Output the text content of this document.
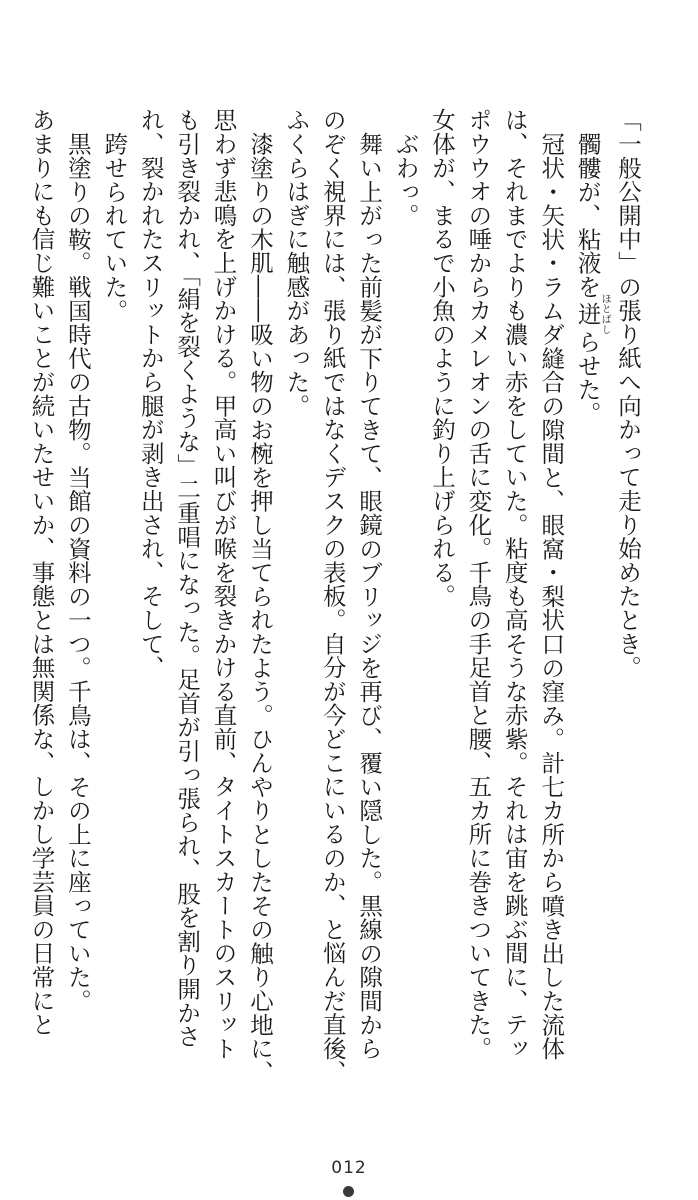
「一般公開中」の張り紙へ向かって走り始めたとき。
髑髏が、粘液を迸ほとばしらせた。
冠状・矢状・ラムダ縫合の隙間と、眼窩・梨状口の窪み。計七カ所から噴き出した流体
は、それまでよりも濃い赤をしていた。粘度も高そうな赤紫。それは宙を跳ぶ間に、テッ
ポウウオの唾からカメレオンの舌に変化。千鳥の手足首と腰、五カ所に巻きついてきた。
女体が、まるで小魚のように釣り上げられる。
ぶわっ。
舞い上がった前髪が下りてきて、眼鏡のブリッジを再び、覆い隠した。黒線の隙間から
のぞく視界には、張り紙ではなくデスクの表板。自分が今どこにいるのか、と悩んだ直後、
ふくらはぎに触感があった。
漆塗りの木肌――吸い物のお椀を押し当てられたよう。ひんやりとしたその触り心地に、
思わず悲鳴を上げかける。甲高い叫びが喉を裂きかける直前、タイトスカートのスリット
も引き裂かれ、「絹を裂くような」二重唱になった。足首が引っ張られ、股を割り開かさ
れ、裂かれたスリットから腿が剥き出され、そして、
跨せられていた。
黒塗りの鞍。戦国時代の古物。当館の資料の一つ。千鳥は、その上に座っていた。
あまりにも信じ難いことが続いたせいか、事態とは無関係な、しかし学芸員の日常にと
012
